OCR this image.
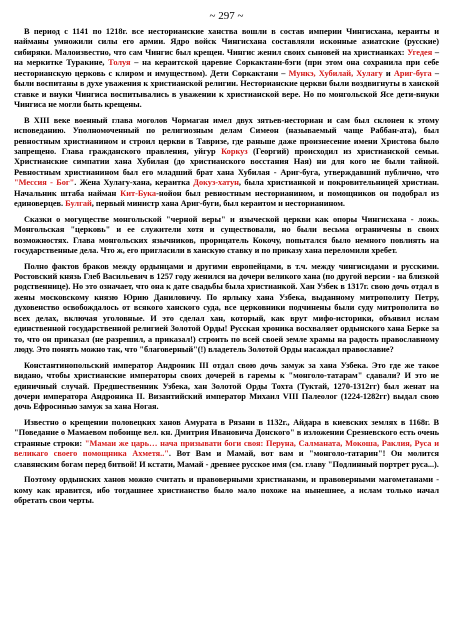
~ 297 ~

В период с 1141 по 1218г. все несторианские ханства вошли в состав империи Чингисхана, кераиты и найманы умножили силы его армии. Ядро войск Чингисхана составляли исконные азиатские (русские) сибиряки. Малоизвестно, что сам Чингис был крещен. Чингис женил своих сыновей на христианках: Угедея – на меркитке Туракине, Толуя – на кераитской царевне Соркактани-бэги (при этом она сохранила при себе несторианскую церковь с клиром и имуществом). Дети Соркактани – Мункэ, Хубилай, Хулагу и Ариг-буга – были воспитаны в духе уважения к христианской религии. Несторианские церкви были воздвигнуты в ханской ставке и внуки Чингиса воспитывались в уважении к христианской вере. Но по монгольской Ясе дети-внуки Чингиса не могли быть крещены.

В XIII веке военный глава моголов Чормаган имел двух зятьев-несториан и сам был склонен к этому исповеданию. Уполномоченный по религиозным делам Симеон (называемый чаще Раббан-ата), был ревностным христианином и строил церкви в Тавризе, где раньше даже произнесение имени Христова было запрещено. Глава гражданского правления, уйгур Коркуз (Георгий) происходил из христианской семьи. Христианские симпатии хана Хубилая (до христианского восстания Ная) ни для кого не были тайной. Ревностным христианином был его младший брат хана Хубилая - Ариг-буга, утверждавший публично, что "Мессия - Бог". Жена Хулагу-хана, кераитка Докуз-хатун, была христианкой и покровительницей христиан. Начальник штаба найман Кит-Бука-нойон был ревностным несторианином, и помощников он подобрал из единоверцев. Булгай, первый министр хана Ариг-буги, был кераитом и несторианином.

Сказки о могуществе монгольской "черной веры" и языческой церкви как опоры Чингисхана - ложь. Монгольская "церковь" и ее служители хотя и существовали, но были весьма ограничены в своих возможностях. Глава монгольских язычников, прорицатель Кокочу, попытался было немного повлиять на государственные дела. Что ж, его пригласили в ханскую ставку и по приказу хана переломили хребет.

Полно фактов браков между ордынцами и другими европейцами, в т.ч. между чингисидами и русскими. Ростовский князь Глеб Васильевич в 1257 году женился на дочери великого хана (по другой версии - на близкой родственнице). Но это означает, что она к дате свадьбы была христианкой. Хан Узбек в 1317г. свою дочь отдал в жены московскому князю Юрию Даниловичу. По ярлыку хана Узбека, выданному митрополиту Петру, духовенство освобождалось от всякого ханского суда, все церковники подчинены были суду митрополита во всех делах, включая уголовные. И это сделал хан, который, как врут мифо-историки, объявил ислам единственной государственной религией Золотой Орды! Русская хроника восхваляет ордынского хана Берке за то, что он приказал (не разрешил, а приказал!) строить по всей своей земле храмы на радость православному люду. Это понять можно так, что "благоверный"(!) владетель Золотой Орды насаждал православие?

Константинопольский император Андроник III отдал свою дочь замуж за хана Узбека. Это где же такое видано, чтобы христианские императоры своих дочерей в гаремы к "монголо-татарам" сдавали? И это не единичный случай. Предшественник Узбека, хан Золотой Орды Тохта (Туктай, 1270-1312гг) был женат на дочери императора Андроника II. Византийский император Михаил VIII Палеолог (1224-1282гг) выдал свою дочь Ефросинью замуж за хана Ногая.

Известно о крещении половецких ханов Амурата в Рязани в 1132г., Айдара в киевских землях в 1168г. В "Поведание о Мамаевом побоище вел. кн. Дмитрия Ивановича Донского" в изложении Срезневского есть очень странные строки: "Мамаи же царь… нача призывати боги своя: Перуна, Салманата, Мокоша, Раклия, Руса и великаго своего помощника Ахметя..". Вот Вам и Мамай, вот вам и "монголо-татарин"! Он молится славянским богам перед битвой! И кстати, Мамай - древнее русское имя (см. главу "Подлинный портрет руса...).

Поэтому ордынских ханов можно считать и правоверными христианами, и правоверными магометанами - кому как нравится, ибо тогдашнее христианство было мало похоже на нынешнее, а ислам только начал обретать свои черты.
